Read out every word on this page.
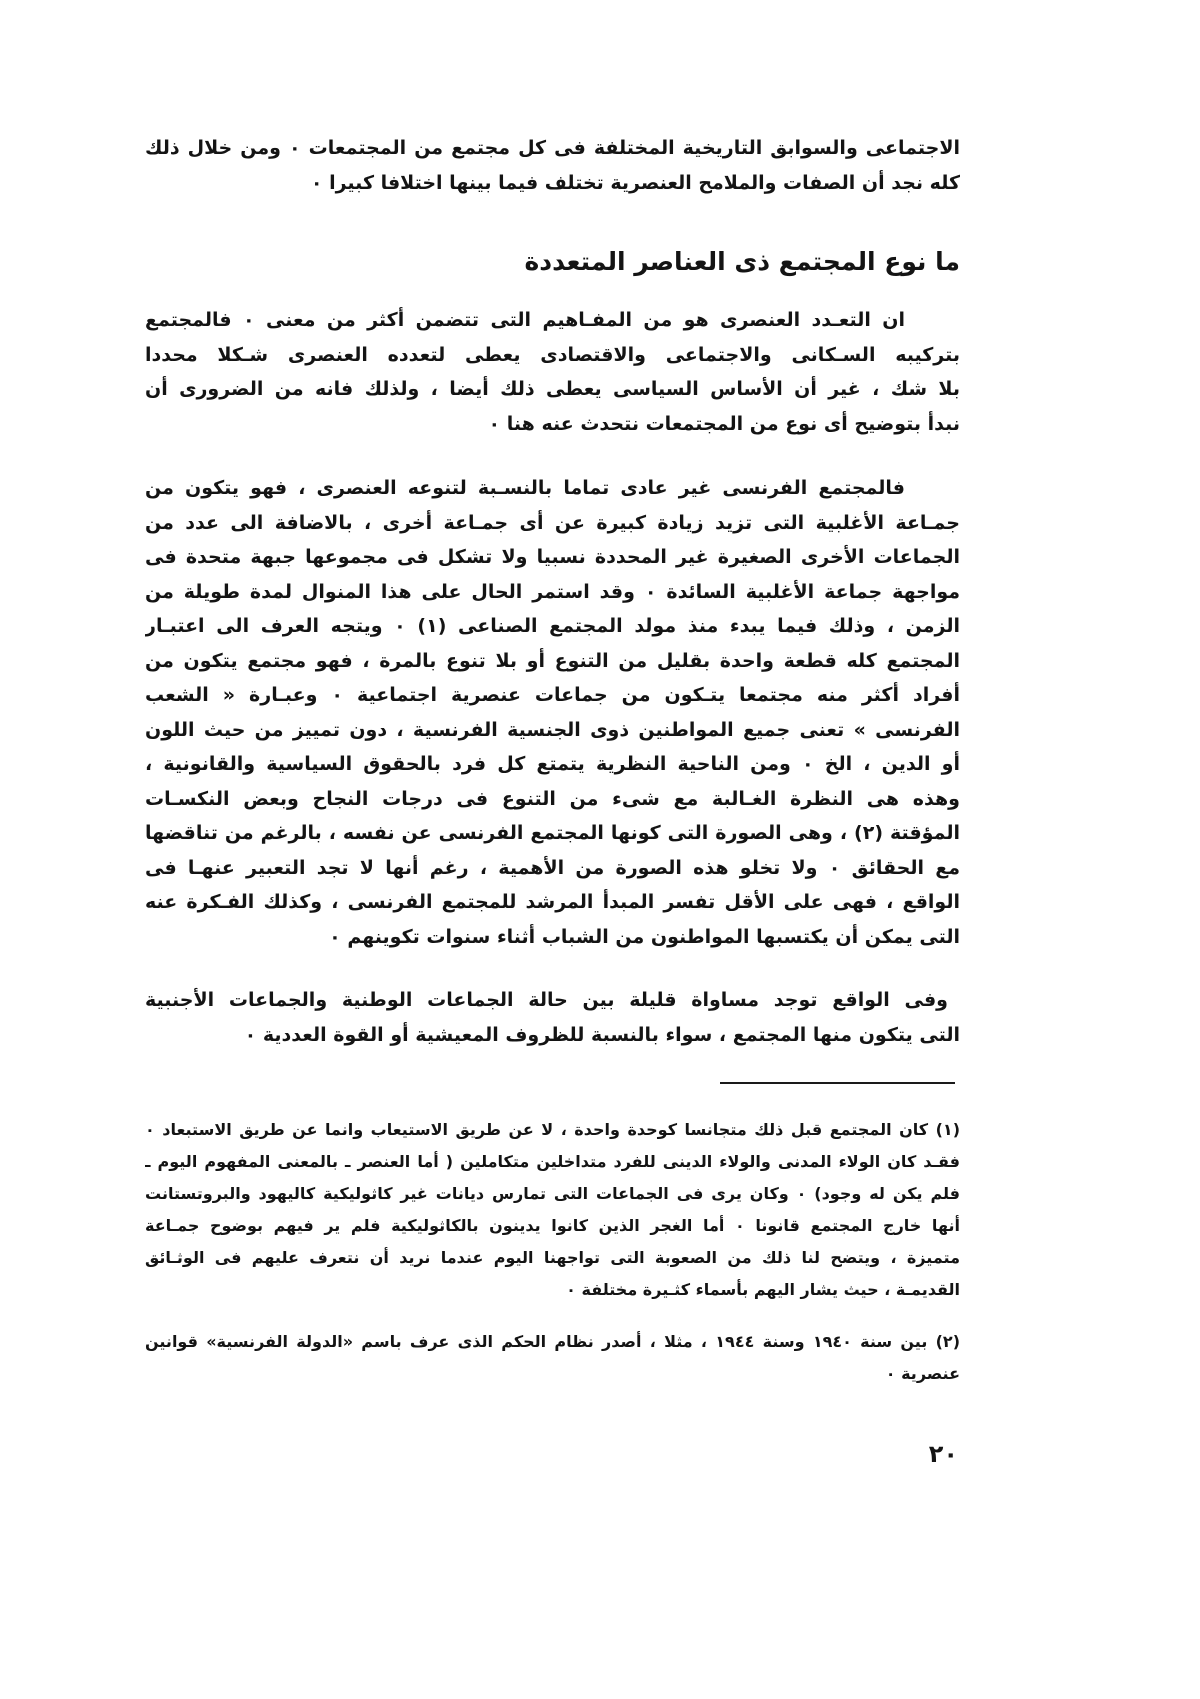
الاجتماعى والسوابق التاريخية المختلفة فى كل مجتمع من المجتمعات ٠ ومن خلال ذلك
كله نجد أن الصفات والملامح العنصرية تختلف فيما بينها اختلافا كبيرا ٠
ما نوع المجتمع ذى العناصر المتعددة
ان التعـدد العنصرى هو من المفـاهيم التى تتضمن أكثر من معنى ٠ فالمجتمع
بتركيبه السـكانى والاجتماعى والاقتصادى يعطى لتعدده العنصرى شـكلا محددا
بلا شك ، غير أن الأساس السياسى يعطى ذلك أيضا ، ولذلك فانه من الضرورى أن
نبدأ بتوضيح أى نوع من المجتمعات نتحدث عنه هنا ٠
فالمجتمع الفرنسى غير عادى تماما بالنسـبة لتنوعه العنصرى ، فهو يتكون من
جمـاعة الأغلبية التى تزيد زيادة كبيرة عن أى جمـاعة أخرى ، بالاضافة الى عدد من
الجماعات الأخرى الصغيرة غير المحددة نسبيا ولا تشكل فى مجموعها جبهة متحدة فى
مواجهة جماعة الأغلبية السائدة ٠ وقد استمر الحال على هذا المنوال لمدة طويلة من
الزمن ، وذلك فيما يبدء منذ مولد المجتمع الصناعى (١) ٠ ويتجه العرف الى اعتبـار
المجتمع كله قطعة واحدة بقليل من التنوع أو بلا تنوع بالمرة ، فهو مجتمع يتكون من
أفراد أكثر منه مجتمعا يتـكون من جماعات عنصرية اجتماعية ٠ وعبـارة « الشعب
الفرنسى » تعنى جميع المواطنين ذوى الجنسية الفرنسية ، دون تمييز من حيث اللون
أو الدين ، الخ ٠ ومن الناحية النظرية يتمتع كل فرد بالحقوق السياسية والقانونية ،
وهذه هى النظرة الغـالبة مع شىء من التنوع فى درجات النجاح وبعض النكسـات
المؤقتة (٢) ، وهى الصورة التى كونها المجتمع الفرنسى عن نفسه ، بالرغم من تناقضها
مع الحقائق ٠ ولا تخلو هذه الصورة من الأهمية ، رغم أنها لا تجد التعبير عنهـا فى
الواقع ، فهى على الأقل تفسر المبدأ المرشد للمجتمع الفرنسى ، وكذلك الفـكرة عنه
التى يمكن أن يكتسبها المواطنون من الشباب أثناء سنوات تكوينهم ٠
وفى الواقع توجد مساواة قليلة بين حالة الجماعات الوطنية والجماعات الأجنبية
التى يتكون منها المجتمع ، سواء بالنسبة للظروف المعيشية أو القوة العددية ٠
(١) كان المجتمع قبل ذلك متجانسا كوحدة واحدة ، لا عن طريق الاستيعاب وانما عن طريق الاستبعاد ٠
فقـد كان الولاء المدنى والولاء الدينى للفرد متداخلين متكاملين ( أما العنصر ـ بالمعنى المفهوم اليوم ـ
فلم يكن له وجود) ٠ وكان يرى فى الجماعات التى تمارس ديانات غير كاثوليكية كاليهود والبروتستانت
أنها خارج المجتمع قانونا ٠ أما الغجر الذين كانوا يدينون بالكاثوليكية فلم ير فيهم بوضوح جمـاعة
متميزة ، ويتضح لنا ذلك من الصعوبة التى تواجهنا اليوم عندما نريد أن نتعرف عليهم فى الوثـائق
القديمـة ، حيث يشار اليهم بأسماء كثـيرة مختلفة ٠
(٢) بين سنة ١٩٤٠ وسنة ١٩٤٤ ، مثلا ، أصدر نظام الحكم الذى عرف باسم «الدولة الفرنسية» قوانين
عنصرية ٠
٢٠
